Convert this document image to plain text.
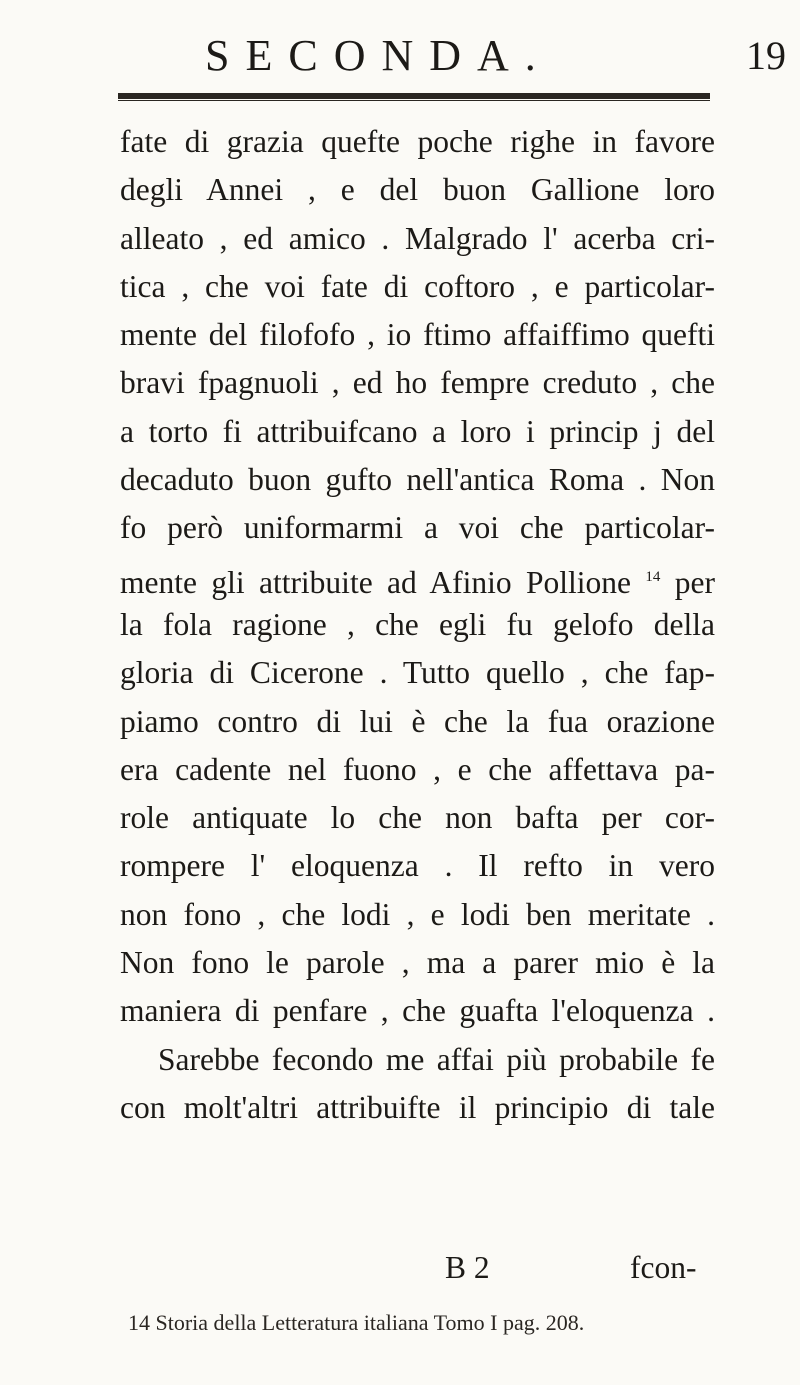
SECONDA.	19
fate di grazia quefte poche righe in favore
degli Annei , e del buon Gallione loro
alleato , ed amico . Malgrado l' acerba cri-
tica , che voi fate di coftoro , e particolar-
mente del filofofo , io ftimo affaiffimo quefti
bravi fpagnuoli , ed ho fempre creduto , che
a torto fi attribuifcano a loro i princip j del
decaduto buon gufto nell'antica Roma . Non
fo però uniformarmi a voi che particolar-
mente gli attribuite ad Afinio Pollione $^{14}$ per
la fola ragione , che egli fu gelofo della
gloria di Cicerone . Tutto quello , che fap-
piamo contro di lui è che la fua orazione
era cadente nel fuono , e che affettava pa-
role antiquate lo che non bafta per cor-
rompere l' eloquenza . Il refto in vero
non fono , che lodi , e lodi ben meritate .
Non fono le parole , ma a parer mio è la
maniera di penfare , che guafta l'eloquenza .
Sarebbe fecondo me affai più probabile fe
con molt'altri attribuifte il principio di tale
B 2	fcon-
14 Storia della Letteratura italiana Tomo I pag. 208.
